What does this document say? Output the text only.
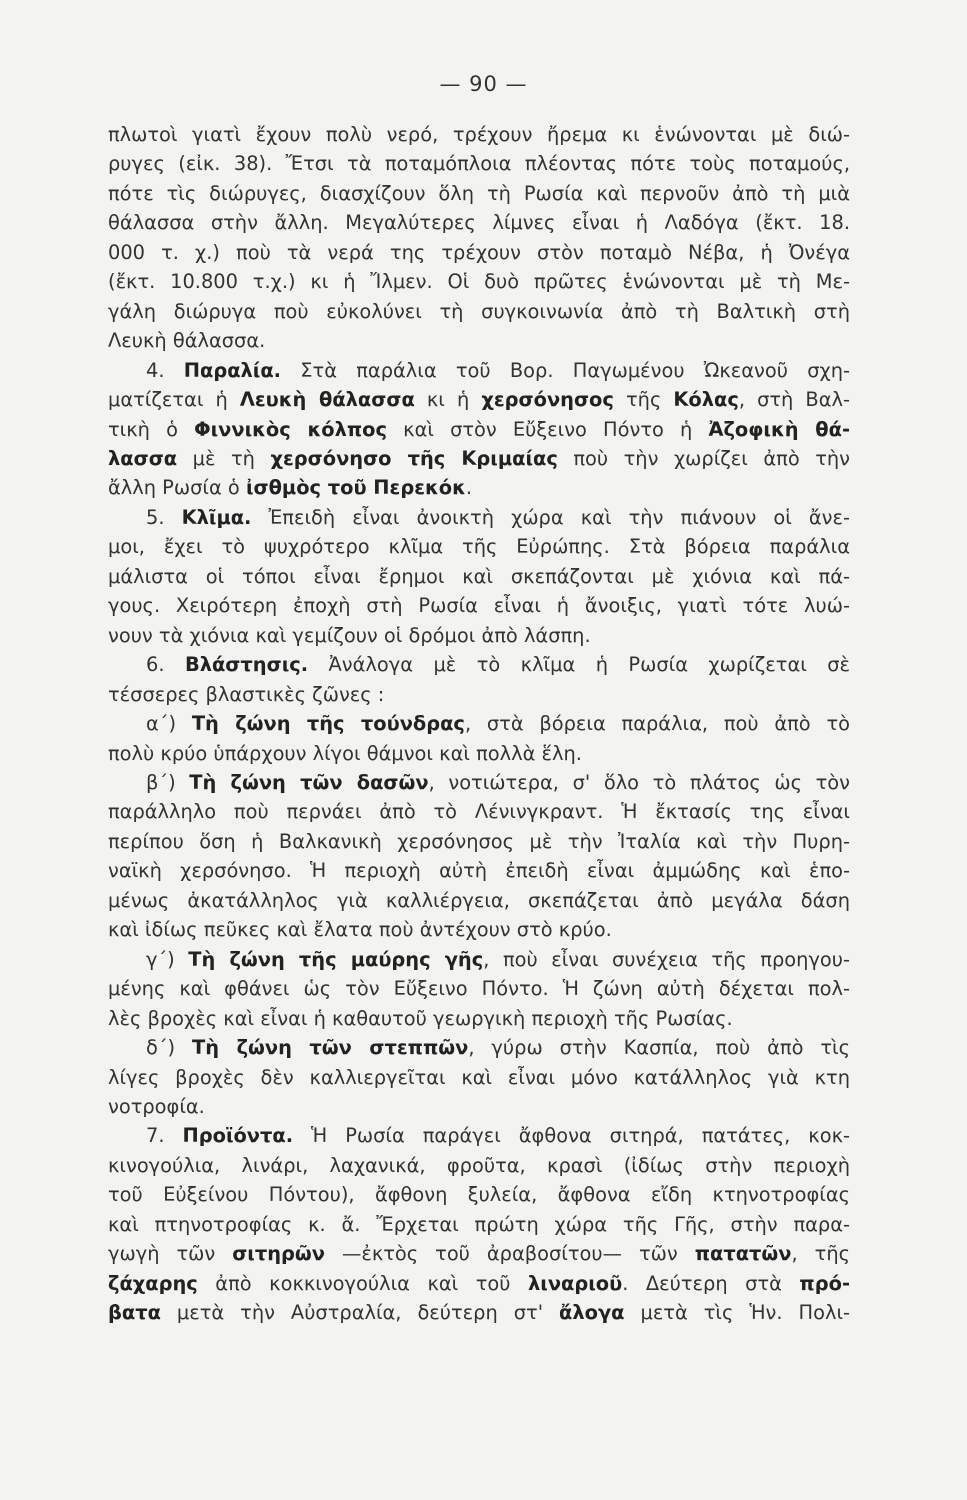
— 90 —
πλωτοὶ γιατὶ ἔχουν πολὺ νερό, τρέχουν ἤρεμα κι ἑνώνονται μὲ διώ-
ρυγες (εἰκ. 38). Ἔτσι τὰ ποταμόπλοια πλέοντας πότε τοὺς ποταμούς,
πότε τὶς διώρυγες, διασχίζουν ὅλη τὴ Ρωσία καὶ περνοῦν ἀπὸ τὴ μιὰ
θάλασσα στὴν ἄλλη. Μεγαλύτερες λίμνες εἶναι ἡ Λαδόγα (ἔκτ. 18.
000 τ. χ.) ποὺ τὰ νερά της τρέχουν στὸν ποταμὸ Νέβα, ἡ Ὀνέγα
(ἔκτ. 10.800 τ.χ.) κι ἡ Ἴλμεν. Οἱ δυὸ πρῶτες ἑνώνονται μὲ τὴ Με-
γάλη διώρυγα ποὺ εὐκολύνει τὴ συγκοινωνία ἀπὸ τὴ Βαλτικὴ στὴ
Λευκὴ θάλασσα.
4. Παραλία. Στὰ παράλια τοῦ Βορ. Παγωμένου Ὠκεανοῦ σχη-
ματίζεται ἡ Λευκὴ θάλασσα κι ἡ χερσόνησος τῆς Κόλας, στὴ Βαλ-
τικὴ ὁ Φιννικὸς κόλπος καὶ στὸν Εὔξεινο Πόντο ἡ Ἀζοφικὴ θά-
λασσα μὲ τὴ χερσόνησο τῆς Κριμαίας ποὺ τὴν χωρίζει ἀπὸ τὴν
ἄλλη Ρωσία ὁ ἰσθμὸς τοῦ Περεκόκ.
5. Κλῖμα. Ἐπειδὴ εἶναι ἀνοικτὴ χώρα καὶ τὴν πιάνουν οἱ ἄνε-
μοι, ἔχει τὸ ψυχρότερο κλῖμα τῆς Εὐρώπης. Στὰ βόρεια παράλια
μάλιστα οἱ τόποι εἶναι ἔρημοι καὶ σκεπάζονται μὲ χιόνια καὶ πά-
γους. Χειρότερη ἐποχὴ στὴ Ρωσία εἶναι ἡ ἄνοιξις, γιατὶ τότε λυώ-
νουν τὰ χιόνια καὶ γεμίζουν οἱ δρόμοι ἀπὸ λάσπη.
6. Βλάστησις. Ἀνάλογα μὲ τὸ κλῖμα ἡ Ρωσία χωρίζεται σὲ
τέσσερες βλαστικὲς ζῶνες :
α΄) Τὴ ζώνη τῆς τούνδρας, στὰ βόρεια παράλια, ποὺ ἀπὸ τὸ
πολὺ κρύο ὑπάρχουν λίγοι θάμνοι καὶ πολλὰ ἕλη.
β΄) Τὴ ζώνη τῶν δασῶν, νοτιώτερα, σ' ὅλο τὸ πλάτος ὡς τὸν
παράλληλο ποὺ περνάει ἀπὸ τὸ Λένινγκραντ. Ἡ ἔκτασίς της εἶναι
περίπου ὅση ἡ Βαλκανικὴ χερσόνησος μὲ τὴν Ἰταλία καὶ τὴν Πυρη-
ναϊκὴ χερσόνησο. Ἡ περιοχὴ αὐτὴ ἐπειδὴ εἶναι ἀμμώδης καὶ ἑπο-
μένως ἀκατάλληλος γιὰ καλλιέργεια, σκεπάζεται ἀπὸ μεγάλα δάση
καὶ ἰδίως πεῦκες καὶ ἔλατα ποὺ ἀντέχουν στὸ κρύο.
γ΄) Τὴ ζώνη τῆς μαύρης γῆς, ποὺ εἶναι συνέχεια τῆς προηγου-
μένης καὶ φθάνει ὡς τὸν Εὔξεινο Πόντο. Ἡ ζώνη αὐτὴ δέχεται πολ-
λὲς βροχὲς καὶ εἶναι ἡ καθαυτοῦ γεωργικὴ περιοχὴ τῆς Ρωσίας.
δ΄) Τὴ ζώνη τῶν στεππῶν, γύρω στὴν Κασπία, ποὺ ἀπὸ τὶς
λίγες βροχὲς δὲν καλλιεργεῖται καὶ εἶναι μόνο κατάλληλος γιὰ κτη
νοτροφία.
7. Προϊόντα. Ἡ Ρωσία παράγει ἄφθονα σιτηρά, πατάτες, κοκ-
κινογούλια, λινάρι, λαχανικά, φροῦτα, κρασὶ (ἰδίως στὴν περιοχὴ
τοῦ Εὐξείνου Πόντου), ἄφθονη ξυλεία, ἄφθονα εἴδη κτηνοτροφίας
καὶ πτηνοτροφίας κ. ἄ. Ἔρχεται πρώτη χώρα τῆς Γῆς, στὴν παρα-
γωγὴ τῶν σιτηρῶν —ἐκτὸς τοῦ ἀραβοσίτου— τῶν πατατῶν, τῆς
ζάχαρης ἀπὸ κοκκινογούλια καὶ τοῦ λιναριοῦ. Δεύτερη στὰ πρό-
βατα μετὰ τὴν Αὐστραλία, δεύτερη στ' ἄλογα μετὰ τὶς Ἡν. Πολι-
